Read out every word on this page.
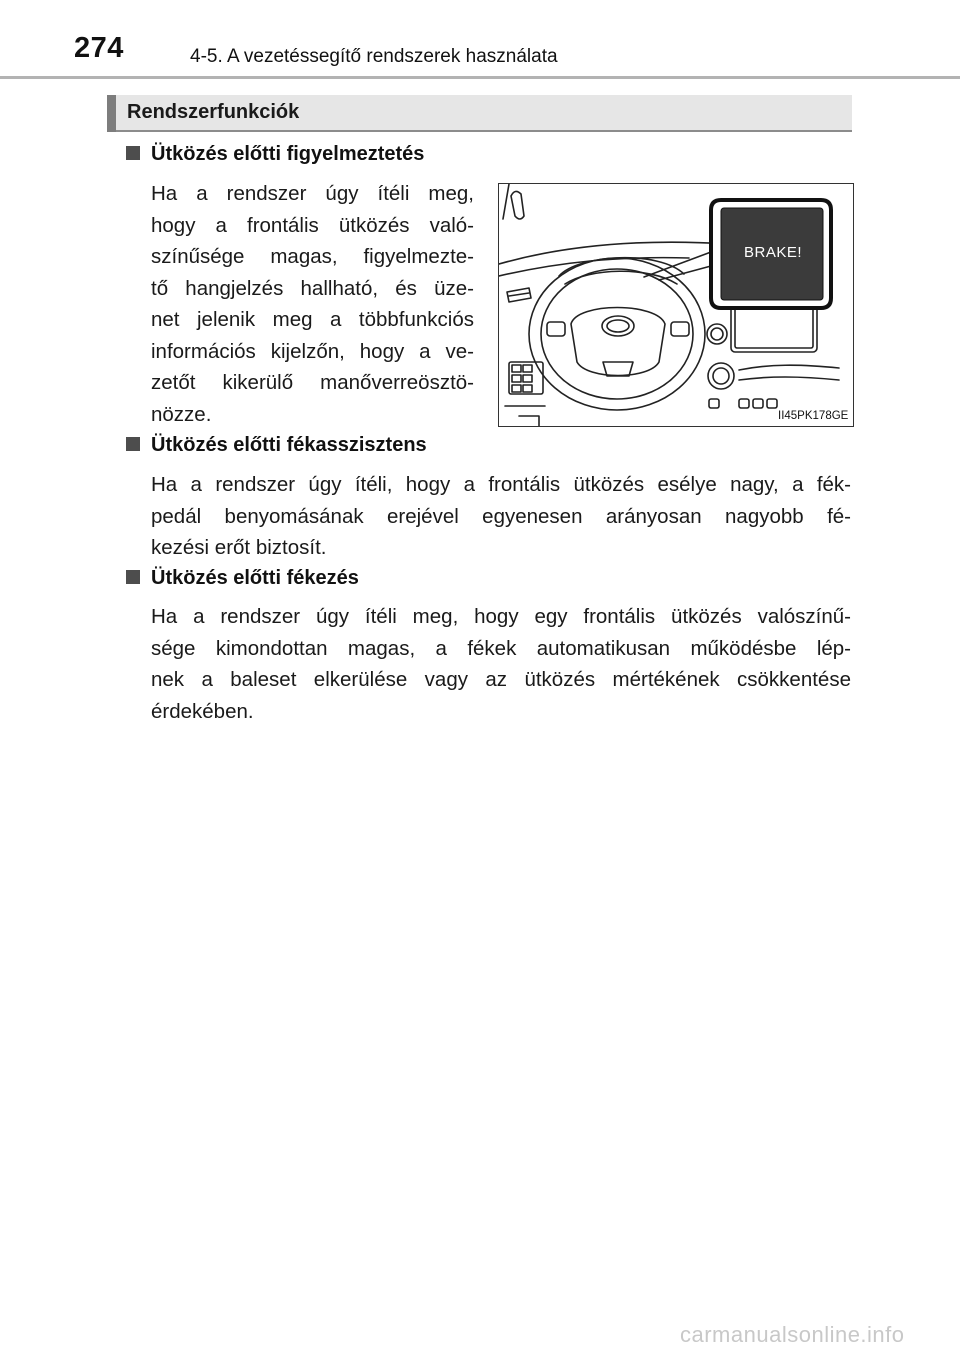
274	4-5. A vezetéssegítő rendszerek használata
Rendszerfunkciók
Ütközés előtti figyelmeztetés
Ha a rendszer úgy ítéli meg,
hogy a frontális ütközés való-
színűsége magas, figyelmezte-
tő hangjelzés hallható, és üze-
net jelenik meg a többfunkciós
információs kijelzőn, hogy a ve-
zetőt kikerülő manőverreösztö-
nözze.
BRAKE!
II45PK178GE
Ütközés előtti fékasszisztens
Ha a rendszer úgy ítéli, hogy a frontális ütközés esélye nagy, a fék-
pedál benyomásának erejével egyenesen arányosan nagyobb fé-
kezési erőt biztosít.
Ütközés előtti fékezés
Ha a rendszer úgy ítéli meg, hogy egy frontális ütközés valószínű-
sége kimondottan magas, a fékek automatikusan működésbe lép-
nek a baleset elkerülése vagy az ütközés mértékének csökkentése
érdekében.
carmanualsonline.info
